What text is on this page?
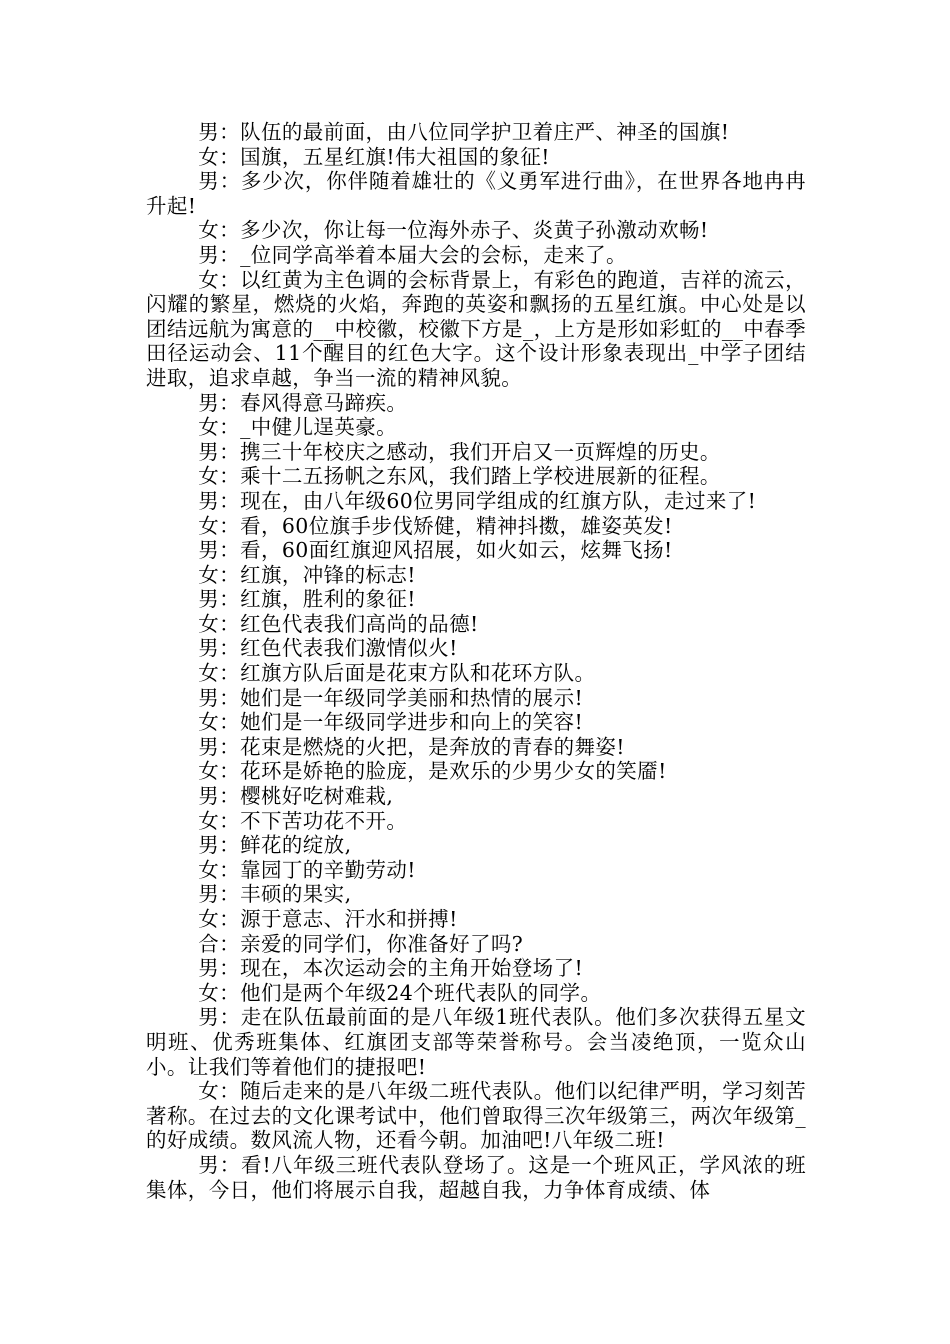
男：队伍的最前面，由八位同学护卫着庄严、神圣的国旗!

女：国旗，五星红旗!伟大祖国的象征!

男：多少次，你伴随着雄壮的《义勇军进行曲》，在世界各地冉冉升起!

女：多少次，你让每一位海外赤子、炎黄子孙激动欢畅!

男：_位同学高举着本届大会的会标，走来了。

女：以红黄为主色调的会标背景上，有彩色的跑道，吉祥的流云，闪耀的繁星，燃烧的火焰，奔跑的英姿和飘扬的五星红旗。中心处是以团结远航为寓意的__中校徽，校徽下方是_，上方是形如彩虹的__中春季田径运动会、11个醒目的红色大字。这个设计形象表现出_中学子团结进取，追求卓越，争当一流的精神风貌。

男：春风得意马蹄疾。

女：_中健儿逞英豪。

男：携三十年校庆之感动，我们开启又一页辉煌的历史。

女：乘十二五扬帆之东风，我们踏上学校进展新的征程。

男：现在，由八年级60位男同学组成的红旗方队，走过来了!

女：看，60位旗手步伐矫健，精神抖擞，雄姿英发!

男：看，60面红旗迎风招展，如火如云，炫舞飞扬!

女：红旗，冲锋的标志!

男：红旗，胜利的象征!

女：红色代表我们高尚的品德!

男：红色代表我们激情似火!

女：红旗方队后面是花束方队和花环方队。

男：她们是一年级同学美丽和热情的展示!

女：她们是一年级同学进步和向上的笑容!

男：花束是燃烧的火把，是奔放的青春的舞姿!

女：花环是娇艳的脸庞，是欢乐的少男少女的笑靥!

男：樱桃好吃树难栽,

女：不下苦功花不开。

男：鲜花的绽放,

女：靠园丁的辛勤劳动!

男：丰硕的果实,

女：源于意志、汗水和拼搏!

合：亲爱的同学们，你准备好了吗?

男：现在，本次运动会的主角开始登场了!

女：他们是两个年级24个班代表队的同学。

男：走在队伍最前面的是八年级1班代表队。他们多次获得五星文明班、优秀班集体、红旗团支部等荣誉称号。会当凌绝顶，一览众山小。让我们等着他们的捷报吧!

女：随后走来的是八年级二班代表队。他们以纪律严明，学习刻苦著称。在过去的文化课考试中，他们曾取得三次年级第三，两次年级第_的好成绩。数风流人物，还看今朝。加油吧!八年级二班!

男：看!八年级三班代表队登场了。这是一个班风正，学风浓的班集体，今日，他们将展示自我，超越自我，力争体育成绩、体
